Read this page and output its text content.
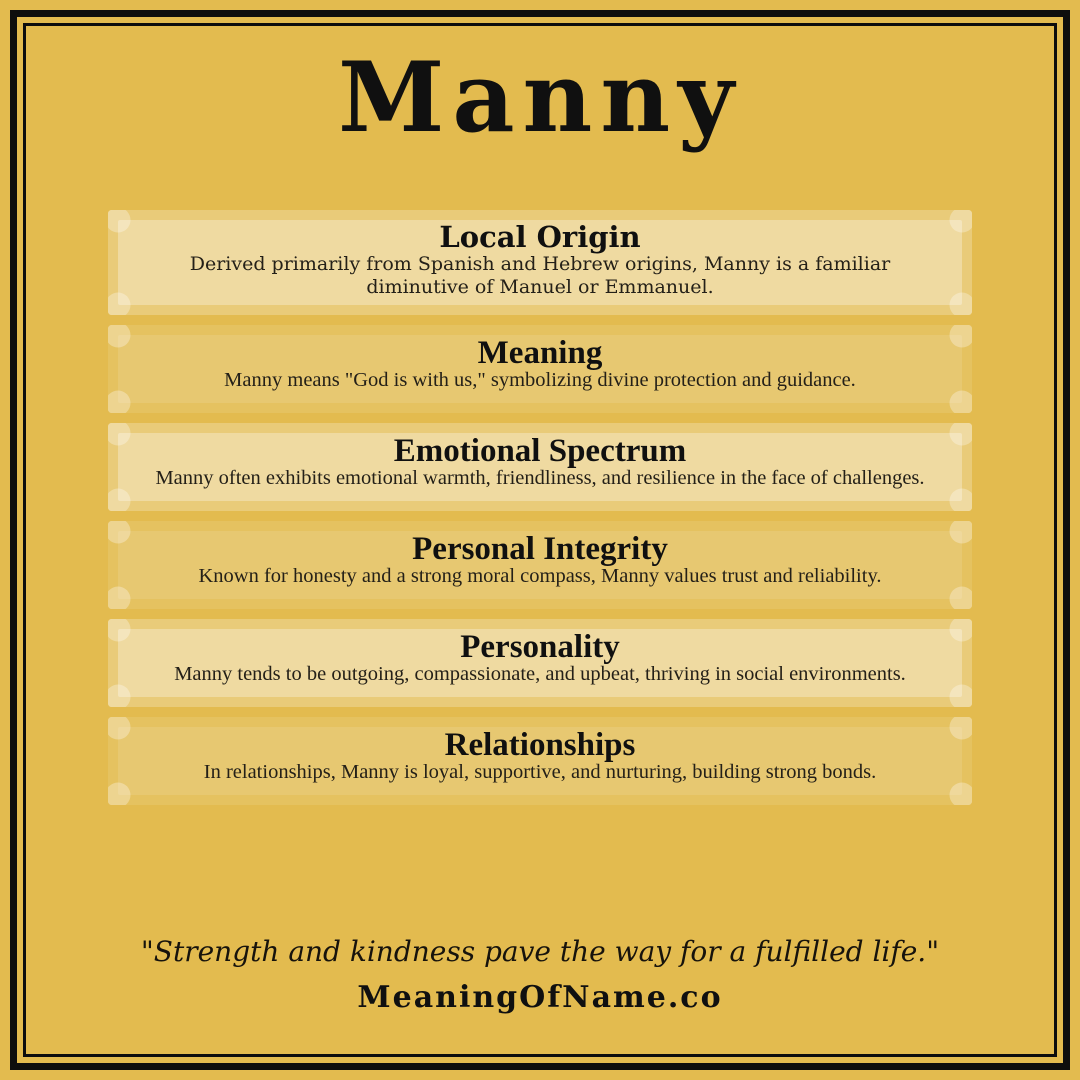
Manny
Local Origin

Derived primarily from Spanish and Hebrew origins, Manny is a familiar diminutive of Manuel or Emmanuel.

Meaning

Manny means "God is with us," symbolizing divine protection and guidance.

Emotional Spectrum

Manny often exhibits emotional warmth, friendliness, and resilience in the face of challenges.

Personal Integrity

Known for honesty and a strong moral compass, Manny values trust and reliability.

Personality

Manny tends to be outgoing, compassionate, and upbeat, thriving in social environments.

Relationships

In relationships, Manny is loyal, supportive, and nurturing, building strong bonds.

"Strength and kindness pave the way for a fulfilled life."

MeaningOfName.co
